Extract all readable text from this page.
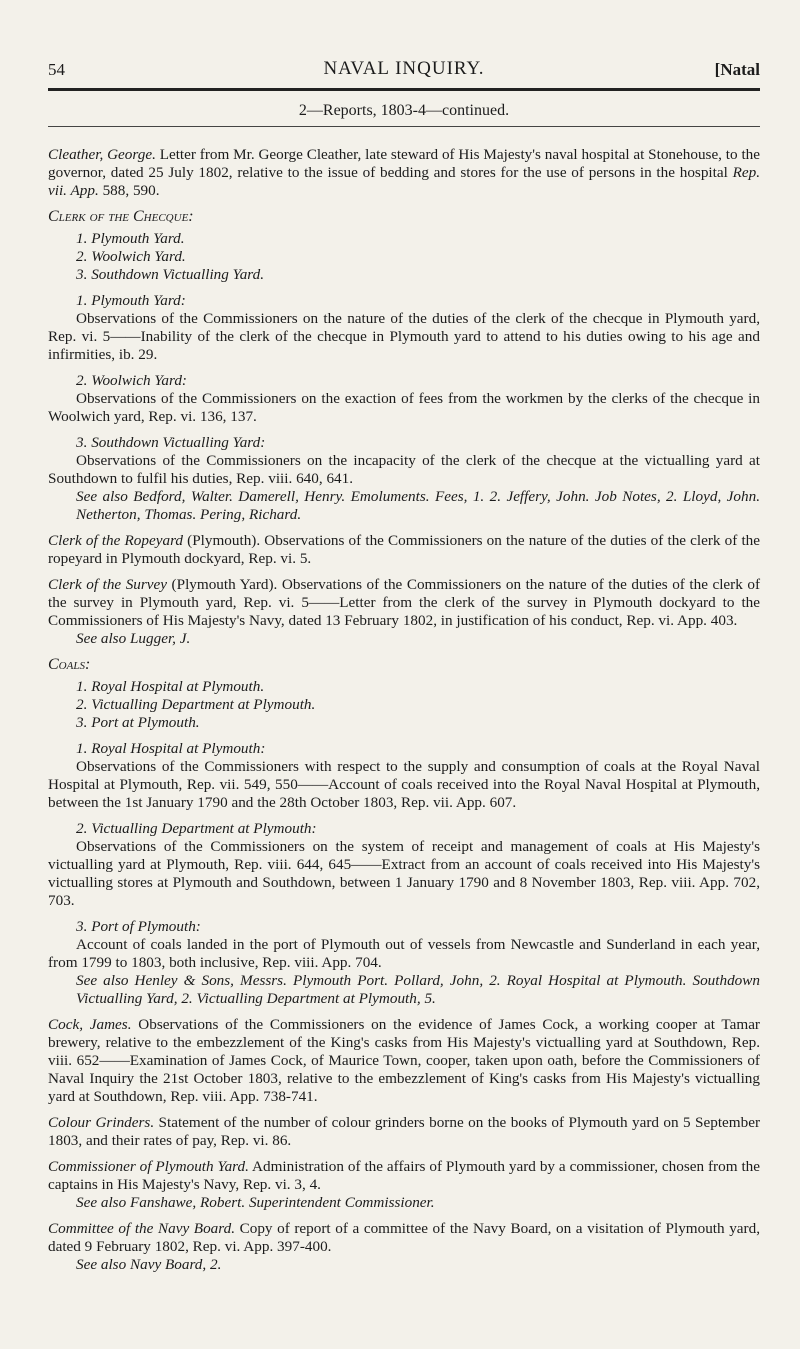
54	NAVAL INQUIRY.	[Natal
2—Reports, 1803-4—continued.

Cleather, George. Letter from Mr. George Cleather, late steward of His Majesty's naval hospital at Stonehouse, to the governor, dated 25 July 1802, relative to the issue of bedding and stores for the use of persons in the hospital Rep. vii. App. 588, 590.

Clerk of the Checque:

1. Plymouth Yard.
2. Woolwich Yard.
3. Southdown Victualling Yard.

1. Plymouth Yard:

Observations of the Commissioners on the nature of the duties of the clerk of the checque in Plymouth yard, Rep. vi. 5——Inability of the clerk of the checque in Plymouth yard to attend to his duties owing to his age and infirmities, ib. 29.

2. Woolwich Yard:

Observations of the Commissioners on the exaction of fees from the workmen by the clerks of the checque in Woolwich yard, Rep. vi. 136, 137.

3. Southdown Victualling Yard:

Observations of the Commissioners on the incapacity of the clerk of the checque at the victualling yard at Southdown to fulfil his duties, Rep. viii. 640, 641.

See also Bedford, Walter. Damerell, Henry. Emoluments. Fees, 1. 2. Jeffery, John. Job Notes, 2. Lloyd, John. Netherton, Thomas. Pering, Richard.

Clerk of the Ropeyard (Plymouth). Observations of the Commissioners on the nature of the duties of the clerk of the ropeyard in Plymouth dockyard, Rep. vi. 5.

Clerk of the Survey (Plymouth Yard). Observations of the Commissioners on the nature of the duties of the clerk of the survey in Plymouth yard, Rep. vi. 5——Letter from the clerk of the survey in Plymouth dockyard to the Commissioners of His Majesty's Navy, dated 13 February 1802, in justification of his conduct, Rep. vi. App. 403.

See also Lugger, J.

Coals:

1. Royal Hospital at Plymouth.
2. Victualling Department at Plymouth.
3. Port at Plymouth.

1. Royal Hospital at Plymouth:

Observations of the Commissioners with respect to the supply and consumption of coals at the Royal Naval Hospital at Plymouth, Rep. vii. 549, 550——Account of coals received into the Royal Naval Hospital at Plymouth, between the 1st January 1790 and the 28th October 1803, Rep. vii. App. 607.

2. Victualling Department at Plymouth:

Observations of the Commissioners on the system of receipt and management of coals at His Majesty's victualling yard at Plymouth, Rep. viii. 644, 645——Extract from an account of coals received into His Majesty's victualling stores at Plymouth and Southdown, between 1 January 1790 and 8 November 1803, Rep. viii. App. 702, 703.

3. Port of Plymouth:

Account of coals landed in the port of Plymouth out of vessels from Newcastle and Sunderland in each year, from 1799 to 1803, both inclusive, Rep. viii. App. 704.

See also Henley & Sons, Messrs. Plymouth Port. Pollard, John, 2. Royal Hospital at Plymouth. Southdown Victualling Yard, 2. Victualling Department at Plymouth, 5.

Cock, James. Observations of the Commissioners on the evidence of James Cock, a working cooper at Tamar brewery, relative to the embezzlement of the King's casks from His Majesty's victualling yard at Southdown, Rep. viii. 652——Examination of James Cock, of Maurice Town, cooper, taken upon oath, before the Commissioners of Naval Inquiry the 21st October 1803, relative to the embezzlement of King's casks from His Majesty's victualling yard at Southdown, Rep. viii. App. 738-741.

Colour Grinders. Statement of the number of colour grinders borne on the books of Plymouth yard on 5 September 1803, and their rates of pay, Rep. vi. 86.

Commissioner of Plymouth Yard. Administration of the affairs of Plymouth yard by a commissioner, chosen from the captains in His Majesty's Navy, Rep. vi. 3, 4.

See also Fanshawe, Robert. Superintendent Commissioner.

Committee of the Navy Board. Copy of report of a committee of the Navy Board, on a visitation of Plymouth yard, dated 9 February 1802, Rep. vi. App. 397-400.

See also Navy Board, 2.
